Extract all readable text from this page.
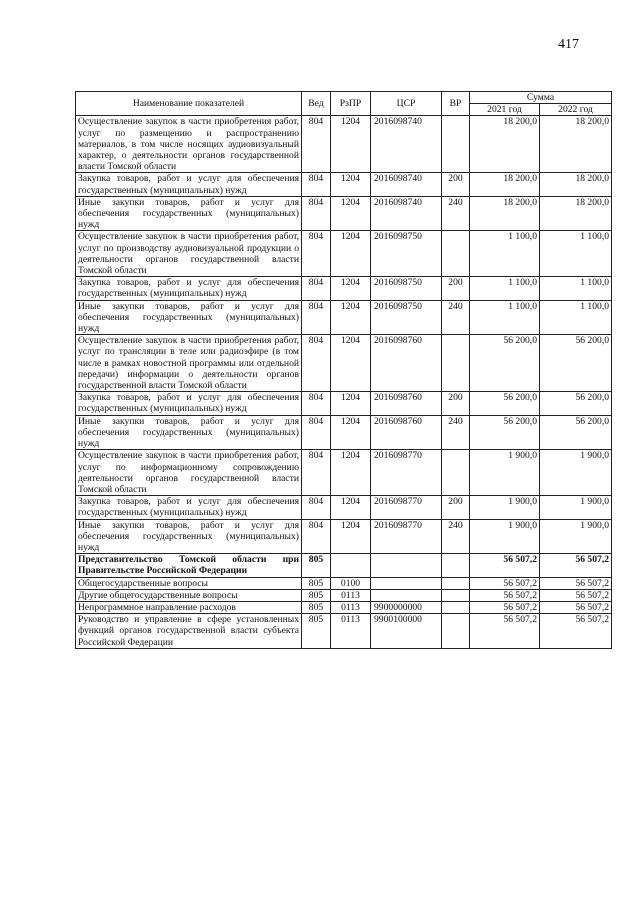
417
Наименование показателей	Вед	РзПР	ЦСР	ВР	Сумма	
					2021 год	2022 год
Осуществление закупок в части приобретения работ, услуг по размещению и распространению материалов, в том числе носящих аудиовизуальный характер, о деятельности органов государственной власти Томской области	804	1204	2016098740		18 200,0	18 200,0
Закупка товаров, работ и услуг для обеспечения государственных (муниципальных) нужд	804	1204	2016098740	200	18 200,0	18 200,0
Иные закупки товаров, работ и услуг для обеспечения государственных (муниципальных) нужд	804	1204	2016098740	240	18 200,0	18 200,0
Осуществление закупок в части приобретения работ, услуг по производству аудиовизуальной продукции о деятельности органов государственной власти Томской области	804	1204	2016098750		1 100,0	1 100,0
Закупка товаров, работ и услуг для обеспечения государственных (муниципальных) нужд	804	1204	2016098750	200	1 100,0	1 100,0
Иные закупки товаров, работ и услуг для обеспечения государственных (муниципальных) нужд	804	1204	2016098750	240	1 100,0	1 100,0
Осуществление закупок в части приобретения работ, услуг по трансляции в теле или радиоэфире (в том числе в рамках новостной программы или отдельной передачи) информации о деятельности органов государственной власти Томской области	804	1204	2016098760		56 200,0	56 200,0
Закупка товаров, работ и услуг для обеспечения государственных (муниципальных) нужд	804	1204	2016098760	200	56 200,0	56 200,0
Иные закупки товаров, работ и услуг для обеспечения государственных (муниципальных) нужд	804	1204	2016098760	240	56 200,0	56 200,0
Осуществление закупок в части приобретения работ, услуг по информационному сопровождению деятельности органов государственной власти Томской области	804	1204	2016098770		1 900,0	1 900,0
Закупка товаров, работ и услуг для обеспечения государственных (муниципальных) нужд	804	1204	2016098770	200	1 900,0	1 900,0
Иные закупки товаров, работ и услуг для обеспечения государственных (муниципальных) нужд	804	1204	2016098770	240	1 900,0	1 900,0
Представительство Томской области при Правительстве Российской Федерации	805				56 507,2	56 507,2
Общегосударственные вопросы	805	0100			56 507,2	56 507,2
Другие общегосударственные вопросы	805	0113			56 507,2	56 507,2
Непрограммное направление расходов	805	0113	9900000000		56 507,2	56 507,2
Руководство и управление в сфере установленных функций органов государственной власти субъекта Российской Федерации	805	0113	9900100000		56 507,2	56 507,2
